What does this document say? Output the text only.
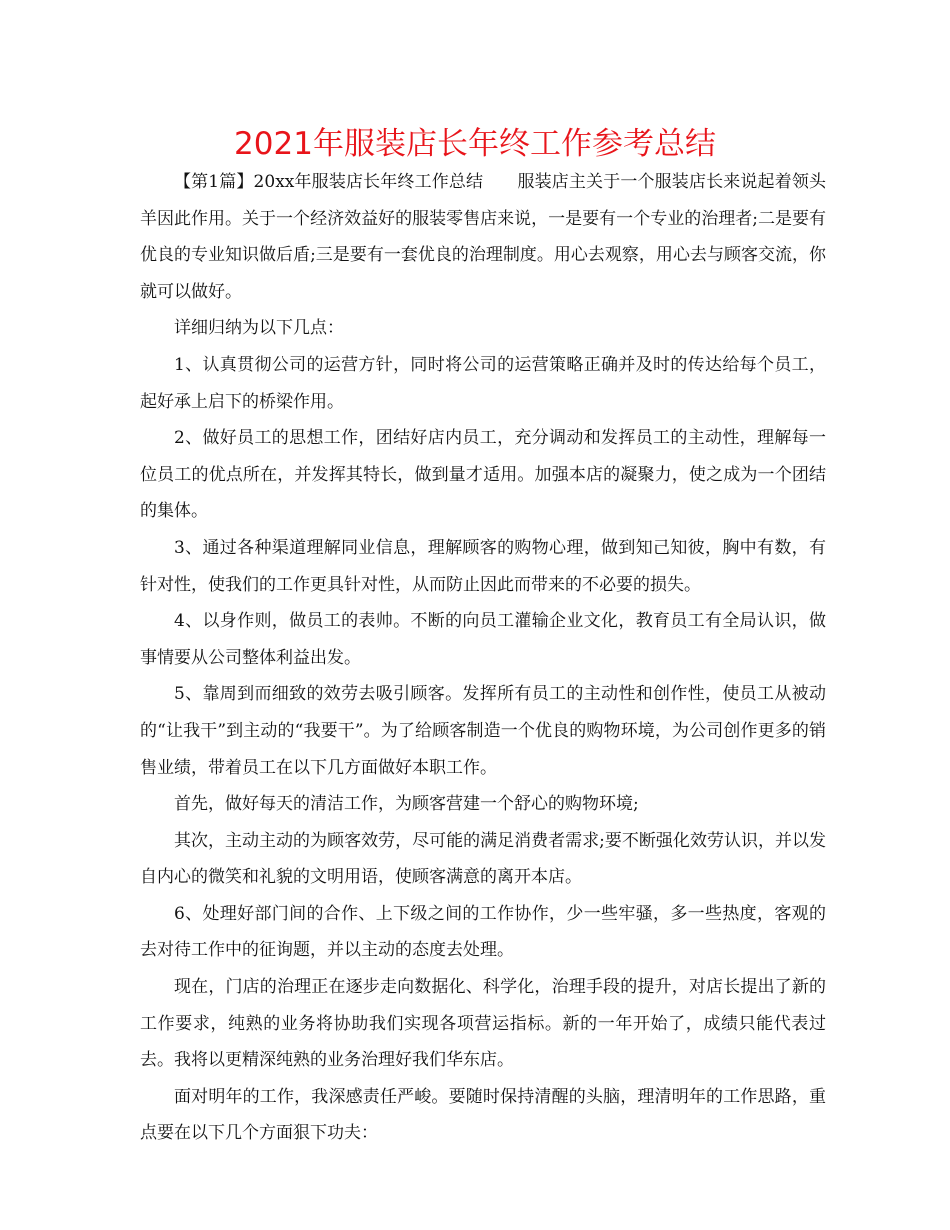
2021年服装店长年终工作参考总结

【第1篇】20xx年服装店长年终工作总结　　服装店主关于一个服装店长来说起着领头羊因此作用。关于一个经济效益好的服装零售店来说，一是要有一个专业的治理者;二是要有优良的专业知识做后盾;三是要有一套优良的治理制度。用心去观察，用心去与顾客交流，你就可以做好。

详细归纳为以下几点：

1、认真贯彻公司的运营方针，同时将公司的运营策略正确并及时的传达给每个员工，起好承上启下的桥梁作用。

2、做好员工的思想工作，团结好店内员工，充分调动和发挥员工的主动性，理解每一位员工的优点所在，并发挥其特长，做到量才适用。加强本店的凝聚力，使之成为一个团结的集体。

3、通过各种渠道理解同业信息，理解顾客的购物心理，做到知己知彼，胸中有数，有针对性，使我们的工作更具针对性，从而防止因此而带来的不必要的损失。

4、以身作则，做员工的表帅。不断的向员工灌输企业文化，教育员工有全局认识，做事情要从公司整体利益出发。

5、靠周到而细致的效劳去吸引顾客。发挥所有员工的主动性和创作性，使员工从被动的“让我干”到主动的“我要干”。为了给顾客制造一个优良的购物环境，为公司创作更多的销售业绩，带着员工在以下几方面做好本职工作。

首先，做好每天的清洁工作，为顾客营建一个舒心的购物环境;

其次，主动主动的为顾客效劳，尽可能的满足消费者需求;要不断强化效劳认识，并以发自内心的微笑和礼貌的文明用语，使顾客满意的离开本店。

6、处理好部门间的合作、上下级之间的工作协作，少一些牢骚，多一些热度，客观的去对待工作中的征询题，并以主动的态度去处理。

现在，门店的治理正在逐步走向数据化、科学化，治理手段的提升，对店长提出了新的工作要求，纯熟的业务将协助我们实现各项营运指标。新的一年开始了，成绩只能代表过去。我将以更精深纯熟的业务治理好我们华东店。

面对明年的工作，我深感责任严峻。要随时保持清醒的头脑，理清明年的工作思路，重点要在以下几个方面狠下功夫：
